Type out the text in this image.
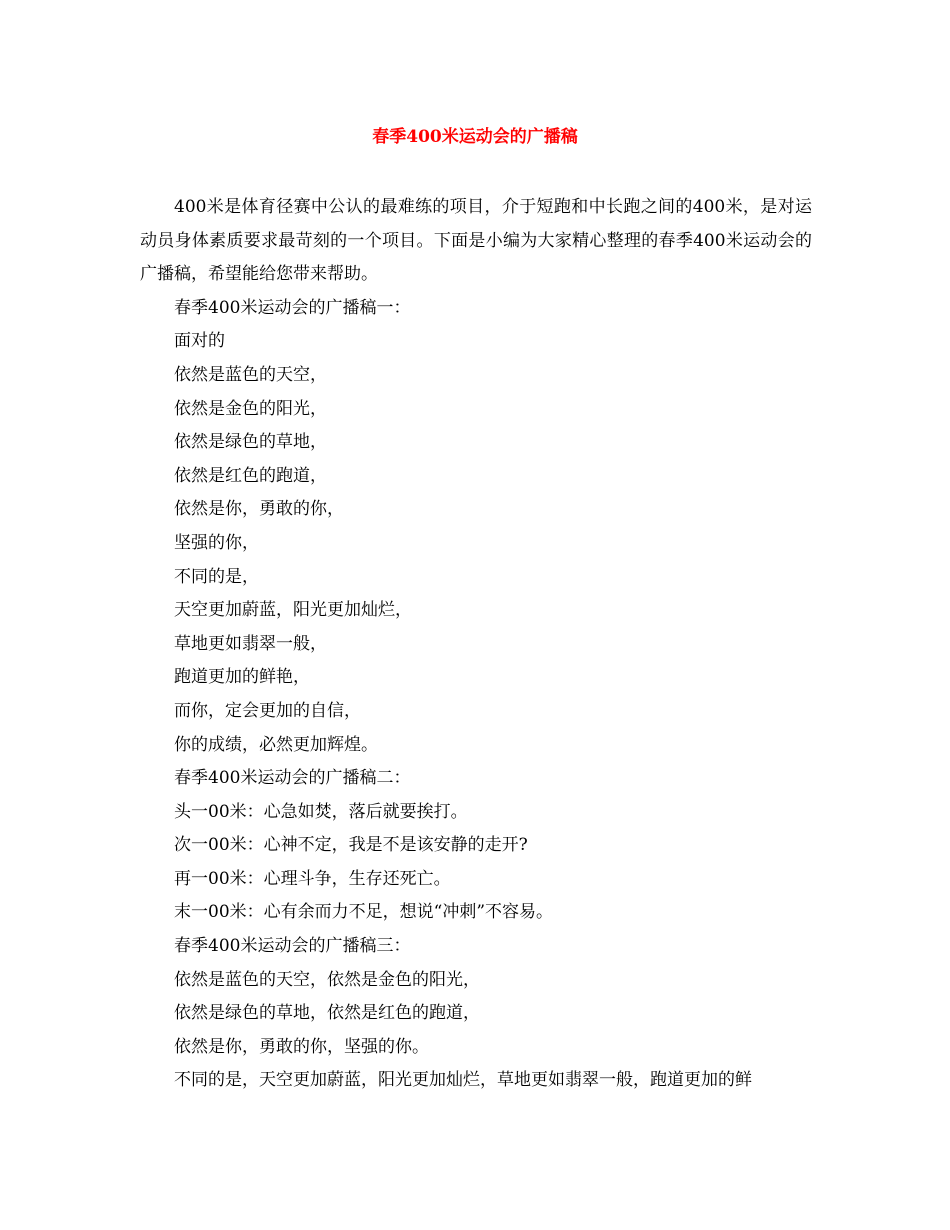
春季400米运动会的广播稿

400米是体育径赛中公认的最难练的项目，介于短跑和中长跑之间的400米，是对运动员身体素质要求最苛刻的一个项目。下面是小编为大家精心整理的春季400米运动会的广播稿，希望能给您带来帮助。

春季400米运动会的广播稿一：

面对的

依然是蓝色的天空，

依然是金色的阳光，

依然是绿色的草地，

依然是红色的跑道，

依然是你，勇敢的你，

坚强的你，

不同的是，

天空更加蔚蓝，阳光更加灿烂，

草地更如翡翠一般，

跑道更加的鲜艳，

而你，定会更加的自信，

你的成绩，必然更加辉煌。

春季400米运动会的广播稿二：

头一00米：心急如焚，落后就要挨打。

次一00米：心神不定，我是不是该安静的走开?

再一00米：心理斗争，生存还死亡。

末一00米：心有余而力不足，想说“冲刺”不容易。

春季400米运动会的广播稿三：

依然是蓝色的天空，依然是金色的阳光，

依然是绿色的草地，依然是红色的跑道，

依然是你，勇敢的你，坚强的你。

不同的是，天空更加蔚蓝，阳光更加灿烂，草地更如翡翠一般，跑道更加的鲜
